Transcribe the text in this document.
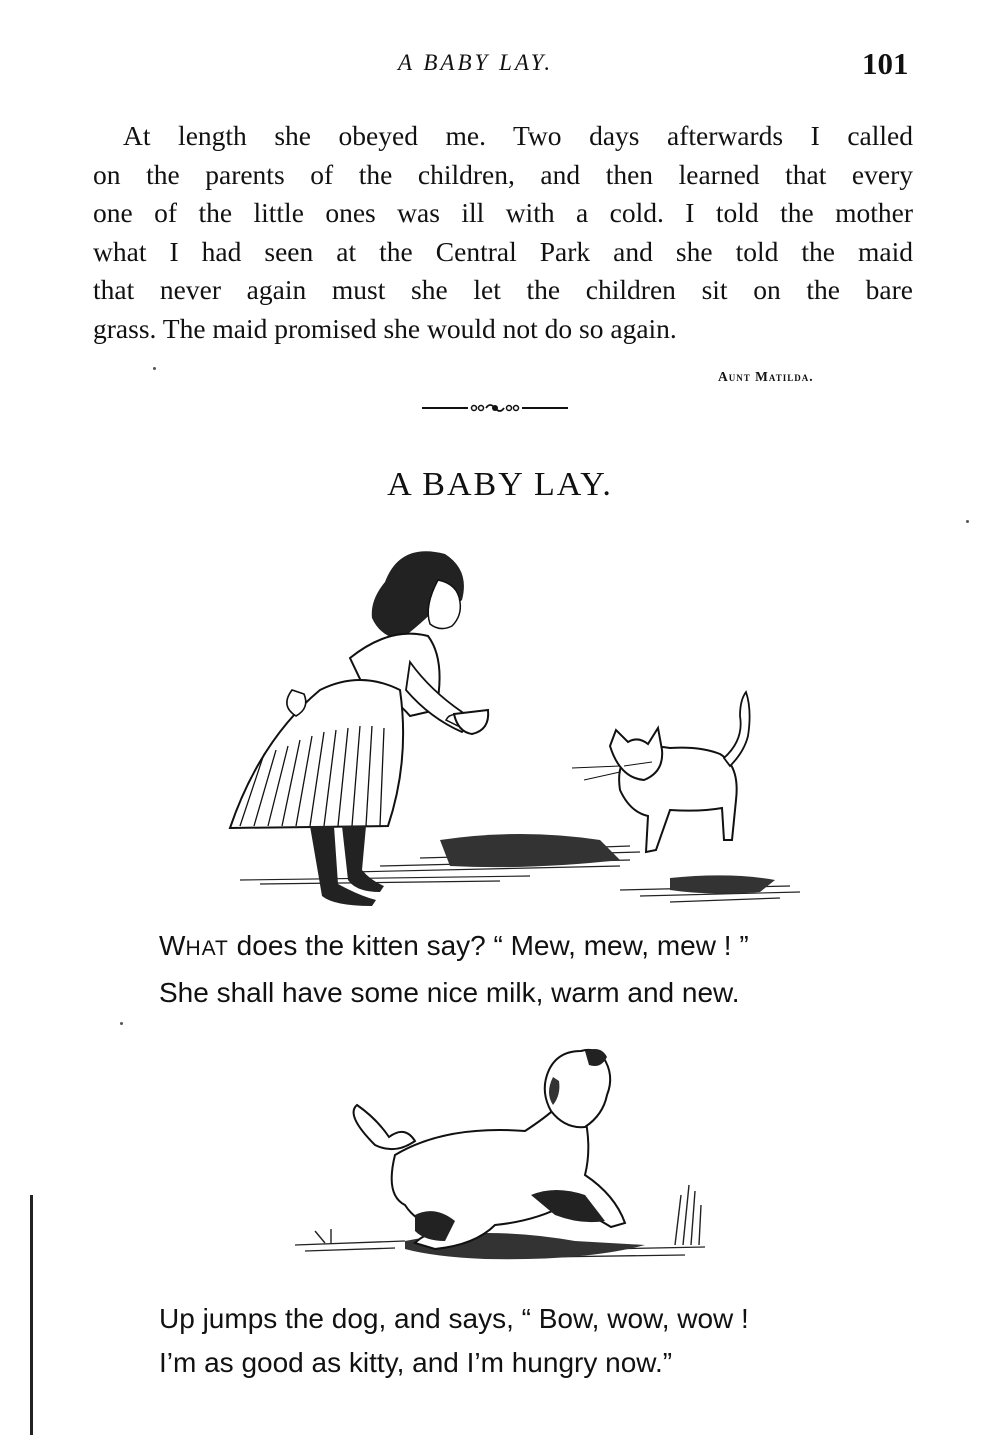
A BABY LAY.	101
At length she obeyed me. Two days afterwards I called
on the parents of the children, and then learned that every
one of the little ones was ill with a cold. I told the mother
what I had seen at the Central Park and she told the maid
that never again must she let the children sit on the bare
grass. The maid promised she would not do so again.
Aunt Matilda.
A BABY LAY.
WHAT does the kitten say? “ Mew, mew, mew ! ”
She shall have some nice milk, warm and new.
Up jumps the dog, and says, “ Bow, wow, wow !
I’m as good as kitty, and I’m hungry now.”
